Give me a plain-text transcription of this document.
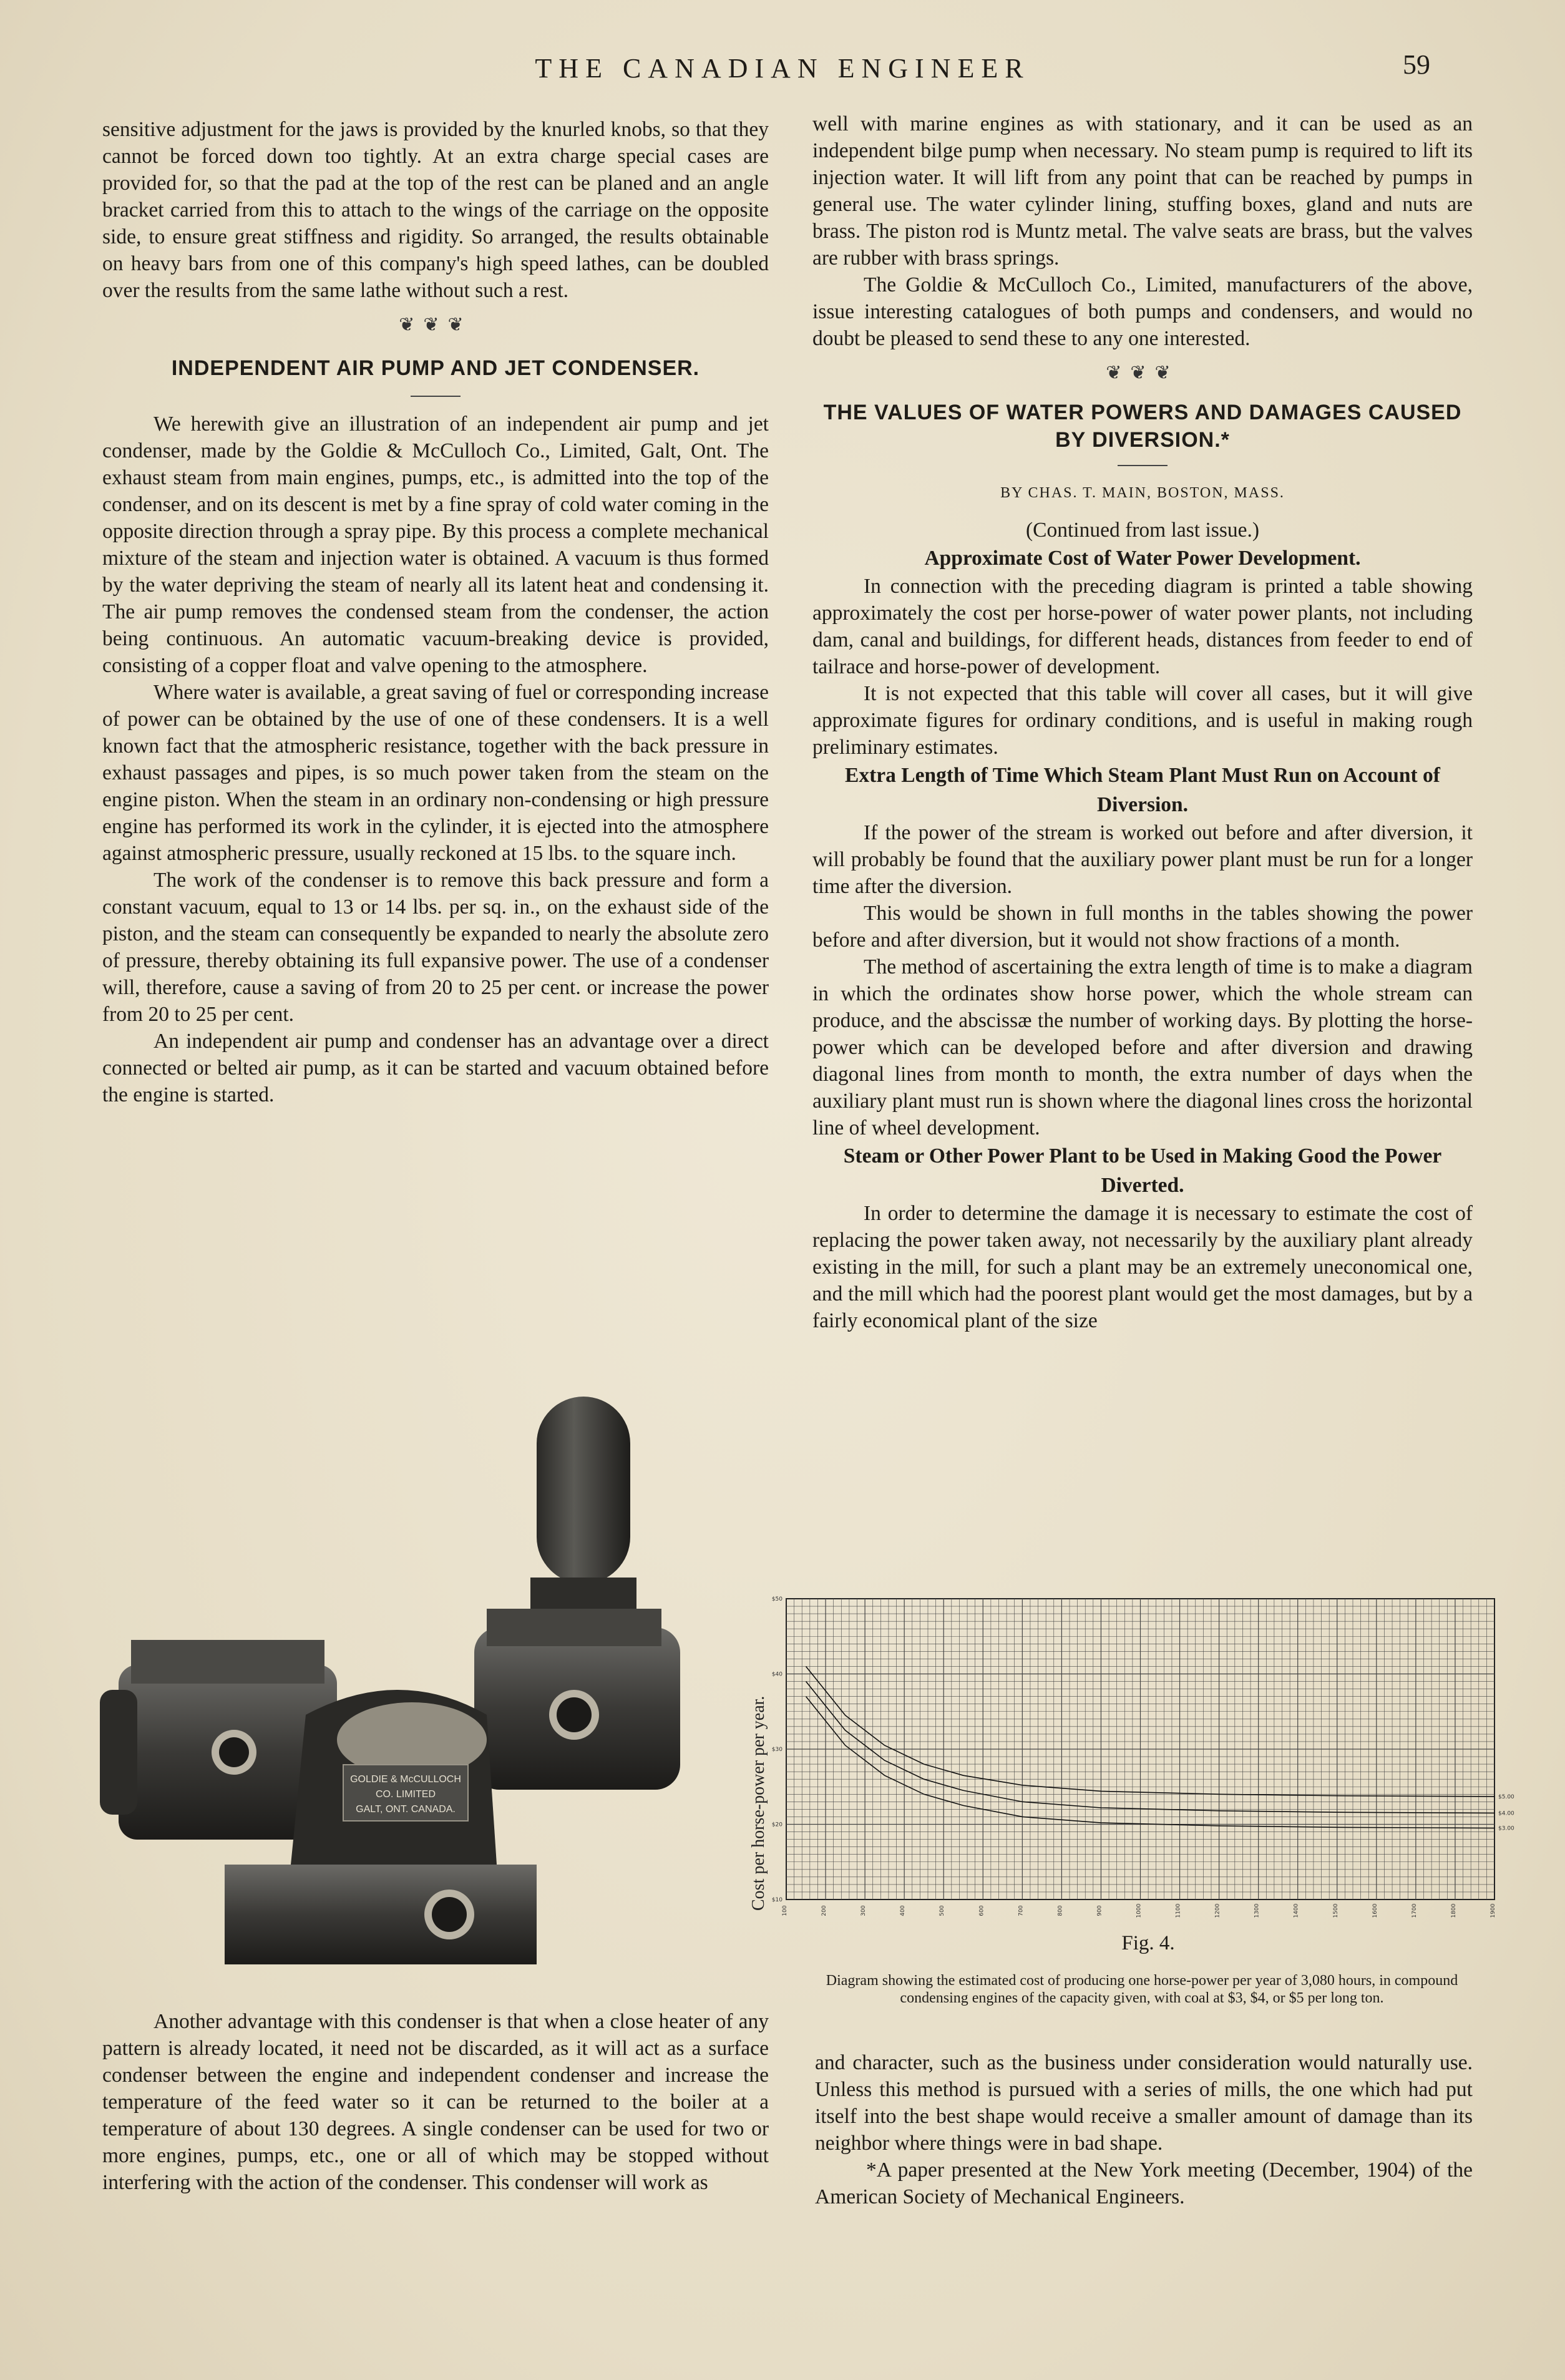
THE CANADIAN ENGINEER	59

sensitive adjustment for the jaws is provided by the knurled knobs, so that they cannot be forced down too tightly. At an extra charge special cases are provided for, so that the pad at the top of the rest can be planed and an angle bracket carried from this to attach to the wings of the carriage on the opposite side, to ensure great stiffness and rigidity. So arranged, the results obtainable on heavy bars from one of this company's high speed lathes, can be doubled over the results from the same lathe without such a rest.

❦❦❦

INDEPENDENT AIR PUMP AND JET CONDENSER.

We herewith give an illustration of an independent air pump and jet condenser, made by the Goldie & McCulloch Co., Limited, Galt, Ont. The exhaust steam from main engines, pumps, etc., is admitted into the top of the condenser, and on its descent is met by a fine spray of cold water coming in the opposite direction through a spray pipe. By this process a complete mechanical mixture of the steam and injection water is obtained. A vacuum is thus formed by the water depriving the steam of nearly all its latent heat and condensing it. The air pump removes the condensed steam from the condenser, the action being continuous. An automatic vacuum-breaking device is provided, consisting of a copper float and valve opening to the atmosphere.

Where water is available, a great saving of fuel or corresponding increase of power can be obtained by the use of one of these condensers. It is a well known fact that the atmospheric resistance, together with the back pressure in exhaust passages and pipes, is so much power taken from the steam on the engine piston. When the steam in an ordinary non-condensing or high pressure engine has performed its work in the cylinder, it is ejected into the atmosphere against atmospheric pressure, usually reckoned at 15 lbs. to the square inch.

The work of the condenser is to remove this back pressure and form a constant vacuum, equal to 13 or 14 lbs. per sq. in., on the exhaust side of the piston, and the steam can consequently be expanded to nearly the absolute zero of pressure, thereby obtaining its full expansive power. The use of a condenser will, therefore, cause a saving of from 20 to 25 per cent. or increase the power from 20 to 25 per cent.

An independent air pump and condenser has an advantage over a direct connected or belted air pump, as it can be started and vacuum obtained before the engine is started.

GOLDIE & McCULLOCH
CO. LIMITED
GALT, ONT. CANADA.

Another advantage with this condenser is that when a close heater of any pattern is already located, it need not be discarded, as it will act as a surface condenser between the engine and independent condenser and increase the temperature of the feed water so it can be returned to the boiler at a temperature of about 130 degrees. A single condenser can be used for two or more engines, pumps, etc., one or all of which may be stopped without interfering with the action of the condenser. This condenser will work as

well with marine engines as with stationary, and it can be used as an independent bilge pump when necessary. No steam pump is required to lift its injection water. It will lift from any point that can be reached by pumps in general use. The water cylinder lining, stuffing boxes, gland and nuts are brass. The piston rod is Muntz metal. The valve seats are brass, but the valves are rubber with brass springs.

The Goldie & McCulloch Co., Limited, manufacturers of the above, issue interesting catalogues of both pumps and condensers, and would no doubt be pleased to send these to any one interested.

❦❦❦

THE VALUES OF WATER POWERS AND DAMAGES CAUSED BY DIVERSION.*

BY CHAS. T. MAIN, BOSTON, MASS.

(Continued from last issue.)

Approximate Cost of Water Power Development.

In connection with the preceding diagram is printed a table showing approximately the cost per horse-power of water power plants, not including dam, canal and buildings, for different heads, distances from feeder to end of tailrace and horse-power of development.

It is not expected that this table will cover all cases, but it will give approximate figures for ordinary conditions, and is useful in making rough preliminary estimates.

Extra Length of Time Which Steam Plant Must Run on Account of Diversion.

If the power of the stream is worked out before and after diversion, it will probably be found that the auxiliary power plant must be run for a longer time after the diversion.

This would be shown in full months in the tables showing the power before and after diversion, but it would not show fractions of a month.

The method of ascertaining the extra length of time is to make a diagram in which the ordinates show horse power, which the whole stream can produce, and the abscissæ the number of working days. By plotting the horse-power which can be developed before and after diversion and drawing diagonal lines from month to month, the extra number of days when the auxiliary plant must run is shown where the diagonal lines cross the horizontal line of wheel development.

Steam or Other Power Plant to be Used in Making Good the Power Diverted.

In order to determine the damage it is necessary to estimate the cost of replacing the power taken away, not necessarily by the auxiliary plant already existing in the mill, for such a plant may be an extremely uneconomical one, and the mill which had the poorest plant would get the most damages, but by a fairly economical plant of the size

Cost per horse-power per year. 100	200	300	400	500	600	700	800	900	1000	1100	1200	1300	1400	1500	1600	1700	1800	1900
$10
$20
$30
$40
$50
$5.00
$4.00
$3.00
Fig. 4.
Diagram showing the estimated cost of producing one horse-power per year of 3,080 hours, in compound condensing engines of the capacity given, with coal at $3, $4, or $5 per long ton.

and character, such as the business under consideration would naturally use. Unless this method is pursued with a series of mills, the one which had put itself into the best shape would receive a smaller amount of damage than its neighbor where things were in bad shape.

*A paper presented at the New York meeting (December, 1904) of the American Society of Mechanical Engineers.
